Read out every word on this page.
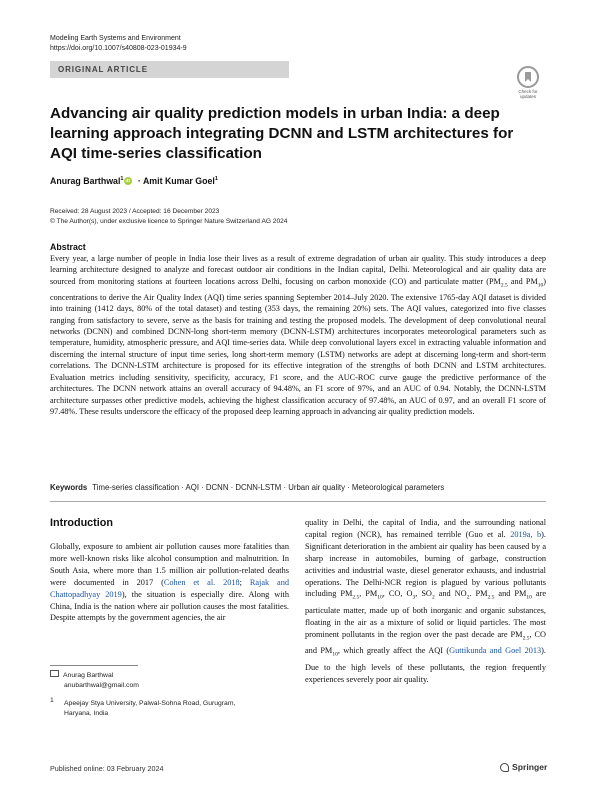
Modeling Earth Systems and Environment
https://doi.org/10.1007/s40808-023-01934-9
ORIGINAL ARTICLE
Check for
updates
Advancing air quality prediction models in urban India: a deep learning approach integrating DCNN and LSTM architectures for AQI time-series classification
Anurag Barthwal$^1$iD · Amit Kumar Goel$^1$
Received: 28 August 2023 / Accepted: 16 December 2023
© The Author(s), under exclusive licence to Springer Nature Switzerland AG 2024
Abstract

Every year, a large number of people in India lose their lives as a result of extreme degradation of urban air quality. This study introduces a deep learning architecture designed to analyze and forecast outdoor air conditions in the Indian capital, Delhi. Meteorological and air quality data are sourced from monitoring stations at fourteen locations across Delhi, focusing on carbon monoxide (CO) and particulate matter ($PM_{2.5}$ and $PM_{10}$) concentrations to derive the Air Quality Index (AQI) time series spanning September 2014–July 2020. The extensive 1765-day AQI dataset is divided into training (1412 days, 80% of the total dataset) and testing (353 days, the remaining 20%) sets. The AQI values, categorized into five classes ranging from satisfactory to severe, serve as the basis for training and testing the proposed models. The development of deep convolutional neural networks (DCNN) and combined DCNN-long short-term memory (DCNN-LSTM) architectures incorporates meteorological parameters such as temperature, humidity, atmospheric pressure, and AQI time-series data. While deep convolutional layers excel in extracting valuable information and discerning the internal structure of input time series, long short-term memory (LSTM) networks are adept at discerning long-term and short-term correlations. The DCNN-LSTM architecture is proposed for its effective integration of the strengths of both DCNN and LSTM architectures. Evaluation metrics including sensitivity, specificity, accuracy, F1 score, and the AUC-ROC curve gauge the predictive performance of the architectures. The DCNN network attains an overall accuracy of 94.48%, an F1 score of 97%, and an AUC of 0.94. Notably, the DCNN-LSTM architecture surpasses other predictive models, achieving the highest classification accuracy of 97.48%, an AUC of 0.97, and an overall F1 score of 97.48%. These results underscore the efficacy of the proposed deep learning approach in advancing air quality prediction models.

Keywords Time-series classification · AQI · DCNN · DCNN-LSTM · Urban air quality · Meteorological parameters
Introduction

Globally, exposure to ambient air pollution causes more fatalities than more well-known risks like alcohol consumption and malnutrition. In South Asia, where more than 1.5 million air pollution-related deaths were documented in 2017 (Cohen et al. 2018; Rajak and Chattopadhyay 2019), the situation is especially dire. Along with China, India is the nation where air pollution causes the most fatalities. Despite attempts by the government agencies, the air

quality in Delhi, the capital of India, and the surrounding national capital region (NCR), has remained terrible (Guo et al. 2019a, b). Significant deterioration in the ambient air quality has been caused by a sharp increase in automobiles, burning of garbage, construction activities and industrial waste, diesel generator exhausts, and industrial operations. The Delhi-NCR region is plagued by various pollutants including $PM_{2.5}$, $PM_{10}$, CO, $O_3$, $SO_2$ and $NO_2$. $PM_{2.5}$ and $PM_{10}$ are particulate matter, made up of both inorganic and organic substances, floating in the air as a mixture of solid or liquid particles. The most prominent pollutants in the region over the past decade are $PM_{2.5}$, CO and $PM_{10}$, which greatly affect the AQI (Guttikunda and Goel 2013). Due to the high levels of these pollutants, the region frequently experiences severely poor air quality.

Anurag Barthwal
anubarthwal@gmail.com
1 Apeejay Stya University, Palwal-Sohna Road, Gurugram,
Haryana, India
Published online: 03 February 2024	Springer
